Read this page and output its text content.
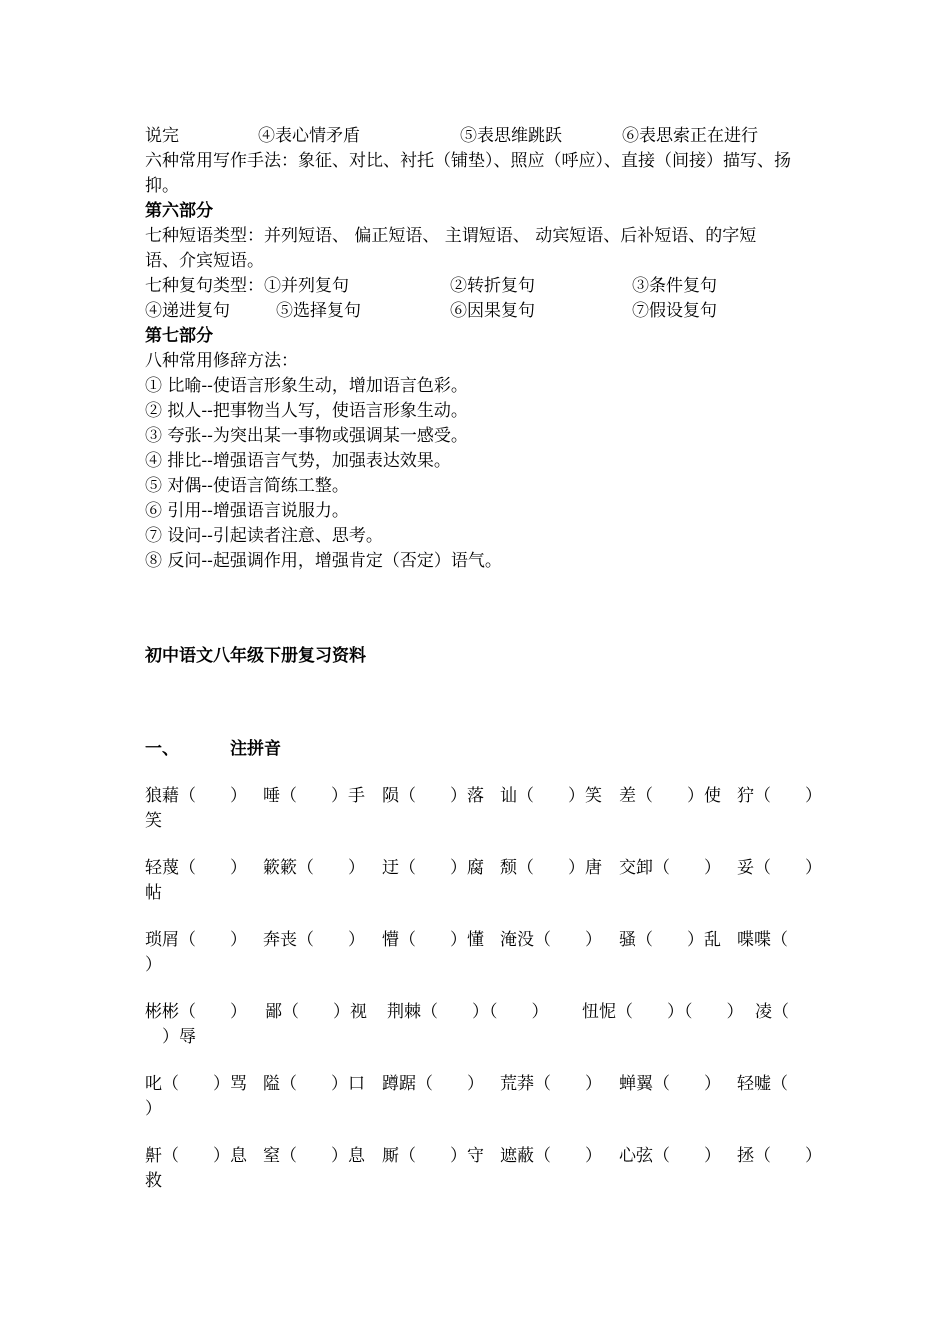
说完	④表心情矛盾	⑤表思维跳跃	⑥表思索正在进行
六种常用写作手法：象征、对比、衬托（铺垫）、照应（呼应）、直接（间接）描写、扬
抑。
第六部分
七种短语类型：并列短语、 偏正短语、 主谓短语、 动宾短语、后补短语、的字短
语、介宾短语。
七种复句类型：①并列复句	②转折复句	③条件复句
④递进复句	⑤选择复句	⑥因果复句	⑦假设复句
第七部分
八种常用修辞方法：
① 比喻--使语言形象生动，增加语言色彩。
② 拟人--把事物当人写，使语言形象生动。
③ 夸张--为突出某一事物或强调某一感受。
④ 排比--增强语言气势，加强表达效果。
⑤ 对偶--使语言简练工整。
⑥ 引用--增强语言说服力。
⑦ 设问--引起读者注意、思考。
⑧ 反问--起强调作用，增强肯定（否定）语气。
初中语文八年级下册复习资料
一、	注拼音
狼藉（　　） 唾（　　）手 陨（　　）落 讪（　　）笑 差（　　）使 狞（　　）
笑
轻蔑（　　） 簌簌（　　） 迂（　　）腐 颓（　　）唐 交卸（　　） 妥（　　）
帖
琐屑（　　） 奔丧（　　） 懵（　　）懂 淹没（　　） 骚（　　）乱 喋喋（
）
彬彬（　　） 鄙（　　）视 荆棘（　　）（　　） 忸怩（　　）（　　） 凌（
　）辱
叱（　　）骂 隘（　　）口 蹲踞（　　） 荒莽（　　） 蝉翼（　　） 轻嘘（
）
鼾（　　）息 窒（　　）息 厮（　　）守 遮蔽（　　） 心弦（　　） 拯（　　）
救
